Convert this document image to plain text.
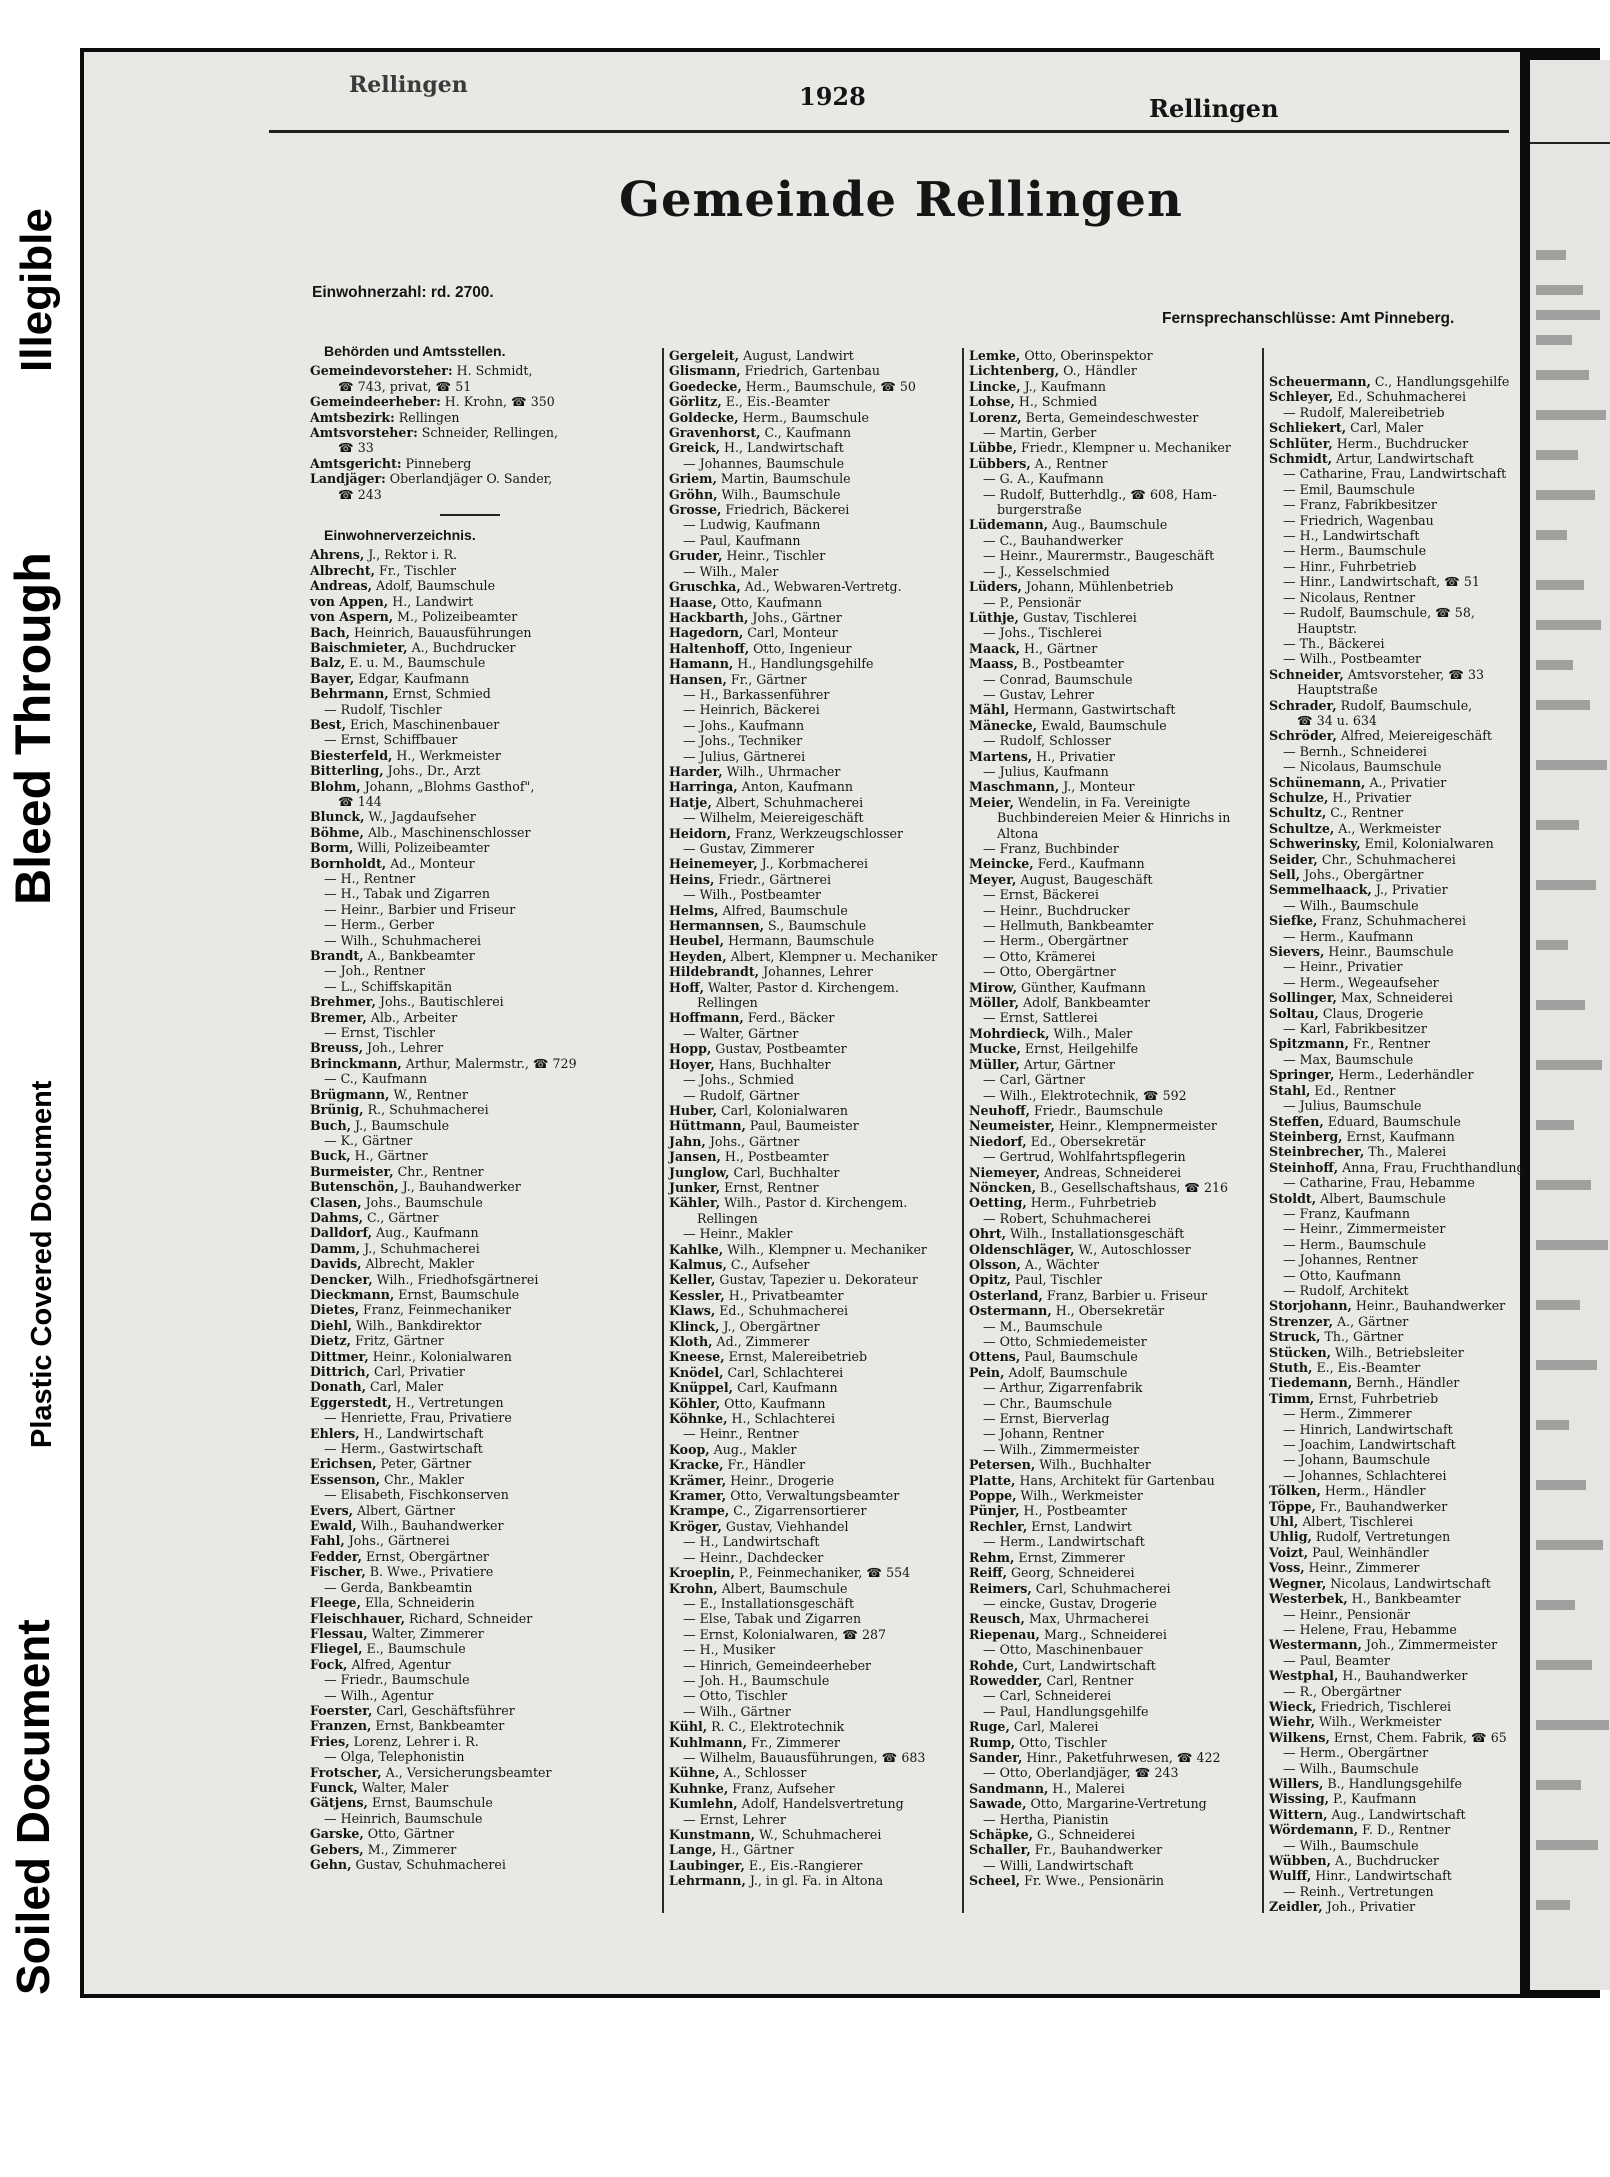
Illegible
Bleed Through
Plastic Covered Document
Soiled Document
Rellingen	1928	Rellingen
Gemeinde Rellingen
Einwohnerzahl: rd. 2700.
Fernsprechanschlüsse: Amt Pinneberg.
Behörden und Amtsstellen.
Gemeindevorsteher: H. Schmidt,
☎ 743, privat, ☎ 51
Gemeindeerheber: H. Krohn, ☎ 350
Amtsbezirk: Rellingen
Amtsvorsteher: Schneider, Rellingen,
☎ 33
Amtsgericht: Pinneberg
Landjäger: Oberlandjäger O. Sander,
☎ 243
Einwohnerverzeichnis.
Ahrens, J., Rektor i. R.
Albrecht, Fr., Tischler
Andreas, Adolf, Baumschule
von Appen, H., Landwirt
von Aspern, M., Polizeibeamter
Bach, Heinrich, Bauausführungen
Baischmieter, A., Buchdrucker
Balz, E. u. M., Baumschule
Bayer, Edgar, Kaufmann
Behrmann, Ernst, Schmied
— Rudolf, Tischler
Best, Erich, Maschinenbauer
— Ernst, Schiffbauer
Biesterfeld, H., Werkmeister
Bitterling, Johs., Dr., Arzt
Blohm, Johann, „Blohms Gasthof",
☎ 144
Blunck, W., Jagdaufseher
Böhme, Alb., Maschinenschlosser
Borm, Willi, Polizeibeamter
Bornholdt, Ad., Monteur
— H., Rentner
— H., Tabak und Zigarren
— Heinr., Barbier und Friseur
— Herm., Gerber
— Wilh., Schuhmacherei
Brandt, A., Bankbeamter
— Joh., Rentner
— L., Schiffskapitän
Brehmer, Johs., Bautischlerei
Bremer, Alb., Arbeiter
— Ernst, Tischler
Breuss, Joh., Lehrer
Brinckmann, Arthur, Malermstr., ☎ 729
— C., Kaufmann
Brügmann, W., Rentner
Brünig, R., Schuhmacherei
Buch, J., Baumschule
— K., Gärtner
Buck, H., Gärtner
Burmeister, Chr., Rentner
Butenschön, J., Bauhandwerker
Clasen, Johs., Baumschule
Dahms, C., Gärtner
Dalldorf, Aug., Kaufmann
Damm, J., Schuhmacherei
Davids, Albrecht, Makler
Dencker, Wilh., Friedhofsgärtnerei
Dieckmann, Ernst, Baumschule
Dietes, Franz, Feinmechaniker
Diehl, Wilh., Bankdirektor
Dietz, Fritz, Gärtner
Dittmer, Heinr., Kolonialwaren
Dittrich, Carl, Privatier
Donath, Carl, Maler
Eggerstedt, H., Vertretungen
— Henriette, Frau, Privatiere
Ehlers, H., Landwirtschaft
— Herm., Gastwirtschaft
Erichsen, Peter, Gärtner
Essenson, Chr., Makler
— Elisabeth, Fischkonserven
Evers, Albert, Gärtner
Ewald, Wilh., Bauhandwerker
Fahl, Johs., Gärtnerei
Fedder, Ernst, Obergärtner
Fischer, B. Wwe., Privatiere
— Gerda, Bankbeamtin
Fleege, Ella, Schneiderin
Fleischhauer, Richard, Schneider
Flessau, Walter, Zimmerer
Fliegel, E., Baumschule
Fock, Alfred, Agentur
— Friedr., Baumschule
— Wilh., Agentur
Foerster, Carl, Geschäftsführer
Franzen, Ernst, Bankbeamter
Fries, Lorenz, Lehrer i. R.
— Olga, Telephonistin
Frotscher, A., Versicherungsbeamter
Funck, Walter, Maler
Gätjens, Ernst, Baumschule
— Heinrich, Baumschule
Garske, Otto, Gärtner
Gebers, M., Zimmerer
Gehn, Gustav, Schuhmacherei
Gergeleit, August, Landwirt
Glismann, Friedrich, Gartenbau
Goedecke, Herm., Baumschule, ☎ 50
Görlitz, E., Eis.-Beamter
Goldecke, Herm., Baumschule
Gravenhorst, C., Kaufmann
Greick, H., Landwirtschaft
— Johannes, Baumschule
Griem, Martin, Baumschule
Gröhn, Wilh., Baumschule
Grosse, Friedrich, Bäckerei
— Ludwig, Kaufmann
— Paul, Kaufmann
Gruder, Heinr., Tischler
— Wilh., Maler
Gruschka, Ad., Webwaren-Vertretg.
Haase, Otto, Kaufmann
Hackbarth, Johs., Gärtner
Hagedorn, Carl, Monteur
Haltenhoff, Otto, Ingenieur
Hamann, H., Handlungsgehilfe
Hansen, Fr., Gärtner
— H., Barkassenführer
— Heinrich, Bäckerei
— Johs., Kaufmann
— Johs., Techniker
— Julius, Gärtnerei
Harder, Wilh., Uhrmacher
Harringa, Anton, Kaufmann
Hatje, Albert, Schuhmacherei
— Wilhelm, Meiereigeschäft
Heidorn, Franz, Werkzeugschlosser
— Gustav, Zimmerer
Heinemeyer, J., Korbmacherei
Heins, Friedr., Gärtnerei
— Wilh., Postbeamter
Helms, Alfred, Baumschule
Hermannsen, S., Baumschule
Heubel, Hermann, Baumschule
Heyden, Albert, Klempner u. Mechaniker
Hildebrandt, Johannes, Lehrer
Hoff, Walter, Pastor d. Kirchengem.
Rellingen
Hoffmann, Ferd., Bäcker
— Walter, Gärtner
Hopp, Gustav, Postbeamter
Hoyer, Hans, Buchhalter
— Johs., Schmied
— Rudolf, Gärtner
Huber, Carl, Kolonialwaren
Hüttmann, Paul, Baumeister
Jahn, Johs., Gärtner
Jansen, H., Postbeamter
Junglow, Carl, Buchhalter
Junker, Ernst, Rentner
Kähler, Wilh., Pastor d. Kirchengem.
Rellingen
— Heinr., Makler
Kahlke, Wilh., Klempner u. Mechaniker
Kalmus, C., Aufseher
Keller, Gustav, Tapezier u. Dekorateur
Kessler, H., Privatbeamter
Klaws, Ed., Schuhmacherei
Klinck, J., Obergärtner
Kloth, Ad., Zimmerer
Kneese, Ernst, Malereibetrieb
Knödel, Carl, Schlachterei
Knüppel, Carl, Kaufmann
Köhler, Otto, Kaufmann
Köhnke, H., Schlachterei
— Heinr., Rentner
Koop, Aug., Makler
Kracke, Fr., Händler
Krämer, Heinr., Drogerie
Kramer, Otto, Verwaltungsbeamter
Krampe, C., Zigarrensortierer
Kröger, Gustav, Viehhandel
— H., Landwirtschaft
— Heinr., Dachdecker
Kroeplin, P., Feinmechaniker, ☎ 554
Krohn, Albert, Baumschule
— E., Installationsgeschäft
— Else, Tabak und Zigarren
— Ernst, Kolonialwaren, ☎ 287
— H., Musiker
— Hinrich, Gemeindeerheber
— Joh. H., Baumschule
— Otto, Tischler
— Wilh., Gärtner
Kühl, R. C., Elektrotechnik
Kuhlmann, Fr., Zimmerer
— Wilhelm, Bauausführungen, ☎ 683
Kühne, A., Schlosser
Kuhnke, Franz, Aufseher
Kumlehn, Adolf, Handelsvertretung
— Ernst, Lehrer
Kunstmann, W., Schuhmacherei
Lange, H., Gärtner
Laubinger, E., Eis.-Rangierer
Lehrmann, J., in gl. Fa. in Altona
Lemke, Otto, Oberinspektor
Lichtenberg, O., Händler
Lincke, J., Kaufmann
Lohse, H., Schmied
Lorenz, Berta, Gemeindeschwester
— Martin, Gerber
Lübbe, Friedr., Klempner u. Mechaniker
Lübbers, A., Rentner
— G. A., Kaufmann
— Rudolf, Butterhdlg., ☎ 608, Ham-
burgerstraße
Lüdemann, Aug., Baumschule
— C., Bauhandwerker
— Heinr., Maurermstr., Baugeschäft
— J., Kesselschmied
Lüders, Johann, Mühlenbetrieb
— P., Pensionär
Lüthje, Gustav, Tischlerei
— Johs., Tischlerei
Maack, H., Gärtner
Maass, B., Postbeamter
— Conrad, Baumschule
— Gustav, Lehrer
Mähl, Hermann, Gastwirtschaft
Mänecke, Ewald, Baumschule
— Rudolf, Schlosser
Martens, H., Privatier
— Julius, Kaufmann
Maschmann, J., Monteur
Meier, Wendelin, in Fa. Vereinigte
Buchbindereien Meier & Hinrichs in
Altona
— Franz, Buchbinder
Meincke, Ferd., Kaufmann
Meyer, August, Baugeschäft
— Ernst, Bäckerei
— Heinr., Buchdrucker
— Hellmuth, Bankbeamter
— Herm., Obergärtner
— Otto, Krämerei
— Otto, Obergärtner
Mirow, Günther, Kaufmann
Möller, Adolf, Bankbeamter
— Ernst, Sattlerei
Mohrdieck, Wilh., Maler
Mucke, Ernst, Heilgehilfe
Müller, Artur, Gärtner
— Carl, Gärtner
— Wilh., Elektrotechnik, ☎ 592
Neuhoff, Friedr., Baumschule
Neumeister, Heinr., Klempnermeister
Niedorf, Ed., Obersekretär
— Gertrud, Wohlfahrtspflegerin
Niemeyer, Andreas, Schneiderei
Nöncken, B., Gesellschaftshaus, ☎ 216
Oetting, Herm., Fuhrbetrieb
— Robert, Schuhmacherei
Ohrt, Wilh., Installationsgeschäft
Oldenschläger, W., Autoschlosser
Olsson, A., Wächter
Opitz, Paul, Tischler
Osterland, Franz, Barbier u. Friseur
Ostermann, H., Obersekretär
— M., Baumschule
— Otto, Schmiedemeister
Ottens, Paul, Baumschule
Pein, Adolf, Baumschule
— Arthur, Zigarrenfabrik
— Chr., Baumschule
— Ernst, Bierverlag
— Johann, Rentner
— Wilh., Zimmermeister
Petersen, Wilh., Buchhalter
Platte, Hans, Architekt für Gartenbau
Poppe, Wilh., Werkmeister
Pünjer, H., Postbeamter
Rechler, Ernst, Landwirt
— Herm., Landwirtschaft
Rehm, Ernst, Zimmerer
Reiff, Georg, Schneiderei
Reimers, Carl, Schuhmacherei
— eincke, Gustav, Drogerie
Reusch, Max, Uhrmacherei
Riepenau, Marg., Schneiderei
— Otto, Maschinenbauer
Rohde, Curt, Landwirtschaft
Rowedder, Carl, Rentner
— Carl, Schneiderei
— Paul, Handlungsgehilfe
Ruge, Carl, Malerei
Rump, Otto, Tischler
Sander, Hinr., Paketfuhrwesen, ☎ 422
— Otto, Oberlandjäger, ☎ 243
Sandmann, H., Malerei
Sawade, Otto, Margarine-Vertretung
— Hertha, Pianistin
Schäpke, G., Schneiderei
Schaller, Fr., Bauhandwerker
— Willi, Landwirtschaft
Scheel, Fr. Wwe., Pensionärin
Scheuermann, C., Handlungsgehilfe
Schleyer, Ed., Schuhmacherei
— Rudolf, Malereibetrieb
Schliekert, Carl, Maler
Schlüter, Herm., Buchdrucker
Schmidt, Artur, Landwirtschaft
— Catharine, Frau, Landwirtschaft
— Emil, Baumschule
— Franz, Fabrikbesitzer
— Friedrich, Wagenbau
— H., Landwirtschaft
— Herm., Baumschule
— Hinr., Fuhrbetrieb
— Hinr., Landwirtschaft, ☎ 51
— Nicolaus, Rentner
— Rudolf, Baumschule, ☎ 58,
Hauptstr.
— Th., Bäckerei
— Wilh., Postbeamter
Schneider, Amtsvorsteher, ☎ 33
Hauptstraße
Schrader, Rudolf, Baumschule,
☎ 34 u. 634
Schröder, Alfred, Meiereigeschäft
— Bernh., Schneiderei
— Nicolaus, Baumschule
Schünemann, A., Privatier
Schulze, H., Privatier
Schultz, C., Rentner
Schultze, A., Werkmeister
Schwerinsky, Emil, Kolonialwaren
Seider, Chr., Schuhmacherei
Sell, Johs., Obergärtner
Semmelhaack, J., Privatier
— Wilh., Baumschule
Siefke, Franz, Schuhmacherei
— Herm., Kaufmann
Sievers, Heinr., Baumschule
— Heinr., Privatier
— Herm., Wegeaufseher
Sollinger, Max, Schneiderei
Soltau, Claus, Drogerie
— Karl, Fabrikbesitzer
Spitzmann, Fr., Rentner
— Max, Baumschule
Springer, Herm., Lederhändler
Stahl, Ed., Rentner
— Julius, Baumschule
Steffen, Eduard, Baumschule
Steinberg, Ernst, Kaufmann
Steinbrecher, Th., Malerei
Steinhoff, Anna, Frau, Fruchthandlung
— Catharine, Frau, Hebamme
Stoldt, Albert, Baumschule
— Franz, Kaufmann
— Heinr., Zimmermeister
— Herm., Baumschule
— Johannes, Rentner
— Otto, Kaufmann
— Rudolf, Architekt
Storjohann, Heinr., Bauhandwerker
Strenzer, A., Gärtner
Struck, Th., Gärtner
Stücken, Wilh., Betriebsleiter
Stuth, E., Eis.-Beamter
Tiedemann, Bernh., Händler
Timm, Ernst, Fuhrbetrieb
— Herm., Zimmerer
— Hinrich, Landwirtschaft
— Joachim, Landwirtschaft
— Johann, Baumschule
— Johannes, Schlachterei
Tölken, Herm., Händler
Töppe, Fr., Bauhandwerker
Uhl, Albert, Tischlerei
Uhlig, Rudolf, Vertretungen
Voizt, Paul, Weinhändler
Voss, Heinr., Zimmerer
Wegner, Nicolaus, Landwirtschaft
Westerbek, H., Bankbeamter
— Heinr., Pensionär
— Helene, Frau, Hebamme
Westermann, Joh., Zimmermeister
— Paul, Beamter
Westphal, H., Bauhandwerker
— R., Obergärtner
Wieck, Friedrich, Tischlerei
Wiehr, Wilh., Werkmeister
Wilkens, Ernst, Chem. Fabrik, ☎ 65
— Herm., Obergärtner
— Wilh., Baumschule
Willers, B., Handlungsgehilfe
Wissing, P., Kaufmann
Wittern, Aug., Landwirtschaft
Wördemann, F. D., Rentner
— Wilh., Baumschule
Wübben, A., Buchdrucker
Wulff, Hinr., Landwirtschaft
— Reinh., Vertretungen
Zeidler, Joh., Privatier
